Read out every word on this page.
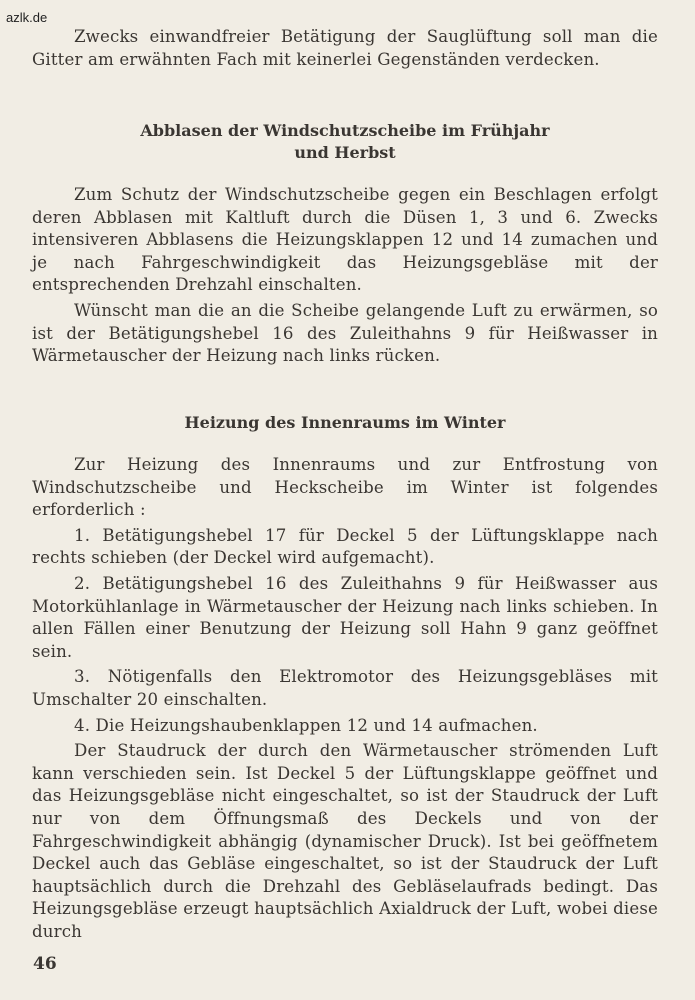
azlk.de

Zwecks einwandfreier Betätigung der Sauglüftung soll man die Gitter am erwähnten Fach mit keinerlei Gegenständen verdecken.

Abblasen der Windschutzscheibe im Frühjahr

und Herbst

Zum Schutz der Windschutzscheibe gegen ein Beschlagen erfolgt deren Abblasen mit Kaltluft durch die Düsen 1, 3 und 6. Zwecks intensiveren Abblasens die Heizungsklappen 12 und 14 zumachen und je nach Fahrgeschwindigkeit das Heizungsgebläse mit der entsprechenden Drehzahl einschalten.

Wünscht man die an die Scheibe gelangende Luft zu erwärmen, so ist der Betätigungshebel 16 des Zuleithahns 9 für Heißwasser in Wärmetauscher der Heizung nach links rücken.

Heizung des Innenraums im Winter

Zur Heizung des Innenraums und zur Entfrostung von Windschutzscheibe und Heckscheibe im Winter ist folgendes erforderlich :

1. Betätigungshebel 17 für Deckel 5 der Lüftungsklappe nach rechts schieben (der Deckel wird aufgemacht).

2. Betätigungshebel 16 des Zuleithahns 9 für Heißwasser aus Motorkühlanlage in Wärmetauscher der Heizung nach links schieben. In allen Fällen einer Benutzung der Heizung soll Hahn 9 ganz geöffnet sein.

3. Nötigenfalls den Elektromotor des Heizungsgebläses mit Umschalter 20 einschalten.

4. Die Heizungshaubenklappen 12 und 14 aufmachen.

Der Staudruck der durch den Wärmetauscher strömenden Luft kann verschieden sein. Ist Deckel 5 der Lüftungsklappe geöffnet und das Heizungsgebläse nicht eingeschaltet, so ist der Staudruck der Luft nur von dem Öffnungsmaß des Deckels und von der Fahrgeschwindigkeit abhängig (dynamischer Druck). Ist bei geöffnetem Deckel auch das Gebläse eingeschaltet, so ist der Staudruck der Luft hauptsächlich durch die Drehzahl des Gebläselaufrads bedingt. Das Heizungsgebläse erzeugt hauptsächlich Axialdruck der Luft, wobei diese durch

46
